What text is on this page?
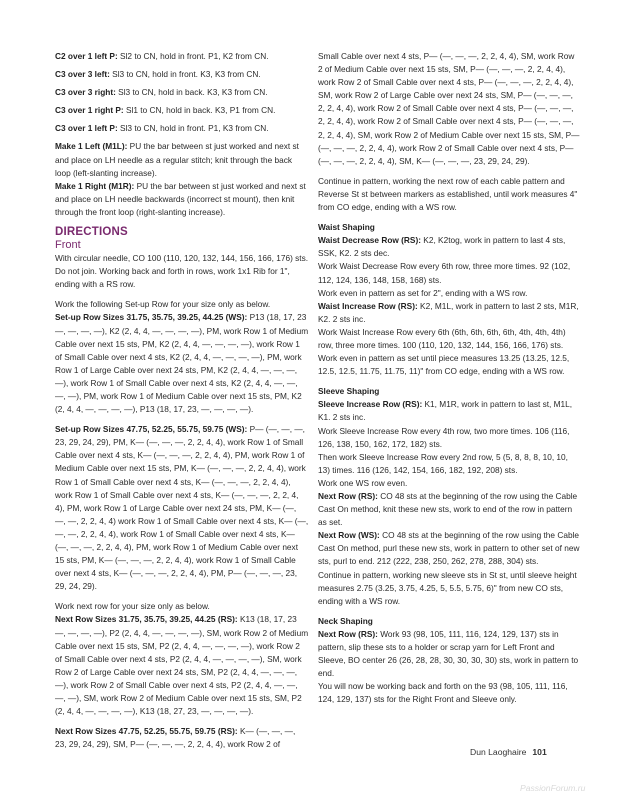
C2 over 1 left P: Sl2 to CN, hold in front. P1, K2 from CN.

C3 over 3 left: Sl3 to CN, hold in front. K3, K3 from CN.

C3 over 3 right: Sl3 to CN, hold in back. K3, K3 from CN.

C3 over 1 right P: Sl1 to CN, hold in back. K3, P1 from CN.

C3 over 1 left P: Sl3 to CN, hold in front. P1, K3 from CN.

Make 1 Left (M1L): PU the bar between st just worked and next st and place on LH needle as a regular stitch; knit through the back loop (left-slanting increase).

Make 1 Right (M1R): PU the bar between st just worked and next st and place on LH needle backwards (incorrect st mount), then knit through the front loop (right-slanting increase).

DIRECTIONS
Front

With circular needle, CO 100 (110, 120, 132, 144, 156, 166, 176) sts. Do not join. Working back and forth in rows, work 1x1 Rib for 1", ending with a RS row.

Work the following Set-up Row for your size only as below.

Set-up Row Sizes 31.75, 35.75, 39.25, 44.25 (WS): P13 (18, 17, 23 —, —, —, —), K2 (2, 4, 4, —, —, —, —), PM, work Row 1 of Medium Cable over next 15 sts, PM, K2 (2, 4, 4, —, —, —, —), work Row 1 of Small Cable over next 4 sts, K2 (2, 4, 4, —, —, —, —), PM, work Row 1 of Large Cable over next 24 sts, PM, K2 (2, 4, 4, —, —, —, —), work Row 1 of Small Cable over next 4 sts, K2 (2, 4, 4, —, —, —, —), PM, work Row 1 of Medium Cable over next 15 sts, PM, K2 (2, 4, 4, —, —, —, —), P13 (18, 17, 23, —, —, —, —).

Set-up Row Sizes 47.75, 52.25, 55.75, 59.75 (WS): P— (—, —, —, 23, 29, 24, 29), PM, K— (—, —, —, 2, 2, 4, 4), work Row 1 of Small Cable over next 4 sts, K— (—, —, —, 2, 2, 4, 4), PM, work Row 1 of Medium Cable over next 15 sts, PM, K— (—, —, —, 2, 2, 4, 4), work Row 1 of Small Cable over next 4 sts, K— (—, —, —, 2, 2, 4, 4), work Row 1 of Small Cable over next 4 sts, K— (—, —, —, 2, 2, 4, 4), PM, work Row 1 of Large Cable over next 24 sts, PM, K— (—, —, —, 2, 2, 4, 4) work Row 1 of Small Cable over next 4 sts, K— (—, —, —, 2, 2, 4, 4), work Row 1 of Small Cable over next 4 sts, K— (—, —, —, 2, 2, 4, 4), PM, work Row 1 of Medium Cable over next 15 sts, PM, K— (—, —, —, 2, 2, 4, 4), work Row 1 of Small Cable over next 4 sts, K— (—, —, —, 2, 2, 4, 4), PM, P— (—, —, —, 23, 29, 24, 29).

Work next row for your size only as below.

Next Row Sizes 31.75, 35.75, 39.25, 44.25 (RS): K13 (18, 17, 23 —, —, —, —), P2 (2, 4, 4, —, —, —, —), SM, work Row 2 of Medium Cable over next 15 sts, SM, P2 (2, 4, 4, —, —, —, —), work Row 2 of Small Cable over next 4 sts, P2 (2, 4, 4, —, —, —, —), SM, work Row 2 of Large Cable over next 24 sts, SM, P2 (2, 4, 4, —, —, —, —), work Row 2 of Small Cable over next 4 sts, P2 (2, 4, 4, —, —, —, —), SM, work Row 2 of Medium Cable over next 15 sts, SM, P2 (2, 4, 4, —, —, —, —), K13 (18, 27, 23, —, —, —, —).

Next Row Sizes 47.75, 52.25, 55.75, 59.75 (RS): K— (—, —, —, 23, 29, 24, 29), SM, P— (—, —, —, 2, 2, 4, 4), work Row 2 of

Small Cable over next 4 sts, P— (—, —, —, 2, 2, 4, 4), SM, work Row 2 of Medium Cable over next 15 sts, SM, P— (—, —, —, 2, 2, 4, 4), work Row 2 of Small Cable over next 4 sts, P— (—, —, —, 2, 2, 4, 4), SM, work Row 2 of Large Cable over next 24 sts, SM, P— (—, —, —, 2, 2, 4, 4), work Row 2 of Small Cable over next 4 sts, P— (—, —, —, 2, 2, 4, 4), work Row 2 of Small Cable over next 4 sts, P— (—, —, —, 2, 2, 4, 4), SM, work Row 2 of Medium Cable over next 15 sts, SM, P— (—, —, —, 2, 2, 4, 4), work Row 2 of Small Cable over next 4 sts, P— (—, —, —, 2, 2, 4, 4), SM, K— (—, —, —, 23, 29, 24, 29).

Continue in pattern, working the next row of each cable pattern and Reverse St st between markers as established, until work measures 4" from CO edge, ending with a WS row.

Waist Shaping

Waist Decrease Row (RS): K2, K2tog, work in pattern to last 4 sts, SSK, K2. 2 sts dec.

Work Waist Decrease Row every 6th row, three more times. 92 (102, 112, 124, 136, 148, 158, 168) sts.

Work even in pattern as set for 2", ending with a WS row.

Waist Increase Row (RS): K2, M1L, work in pattern to last 2 sts, M1R, K2. 2 sts inc.

Work Waist Increase Row every 6th (6th, 6th, 6th, 6th, 4th, 4th, 4th) row, three more times. 100 (110, 120, 132, 144, 156, 166, 176) sts.

Work even in pattern as set until piece measures 13.25 (13.25, 12.5, 12.5, 12.5, 11.75, 11.75, 11)" from CO edge, ending with a WS row.

Sleeve Shaping

Sleeve Increase Row (RS): K1, M1R, work in pattern to last st, M1L, K1. 2 sts inc.

Work Sleeve Increase Row every 4th row, two more times. 106 (116, 126, 138, 150, 162, 172, 182) sts.

Then work Sleeve Increase Row every 2nd row, 5 (5, 8, 8, 8, 10, 10, 13) times. 116 (126, 142, 154, 166, 182, 192, 208) sts.

Work one WS row even.

Next Row (RS): CO 48 sts at the beginning of the row using the Cable Cast On method, knit these new sts, work to end of the row in pattern as set.

Next Row (WS): CO 48 sts at the beginning of the row using the Cable Cast On method, purl these new sts, work in pattern to other set of new sts, purl to end. 212 (222, 238, 250, 262, 278, 288, 304) sts.

Continue in pattern, working new sleeve sts in St st, until sleeve height measures 2.75 (3.25, 3.75, 4.25, 5, 5.5, 5.75, 6)" from new CO sts, ending with a WS row.

Neck Shaping

Next Row (RS): Work 93 (98, 105, 111, 116, 124, 129, 137) sts in pattern, slip these sts to a holder or scrap yarn for Left Front and Sleeve, BO center 26 (26, 28, 28, 30, 30, 30, 30) sts, work in pattern to end.

You will now be working back and forth on the 93 (98, 105, 111, 116, 124, 129, 137) sts for the Right Front and Sleeve only.

Dun Laoghaire 101
PassionForum.ru
